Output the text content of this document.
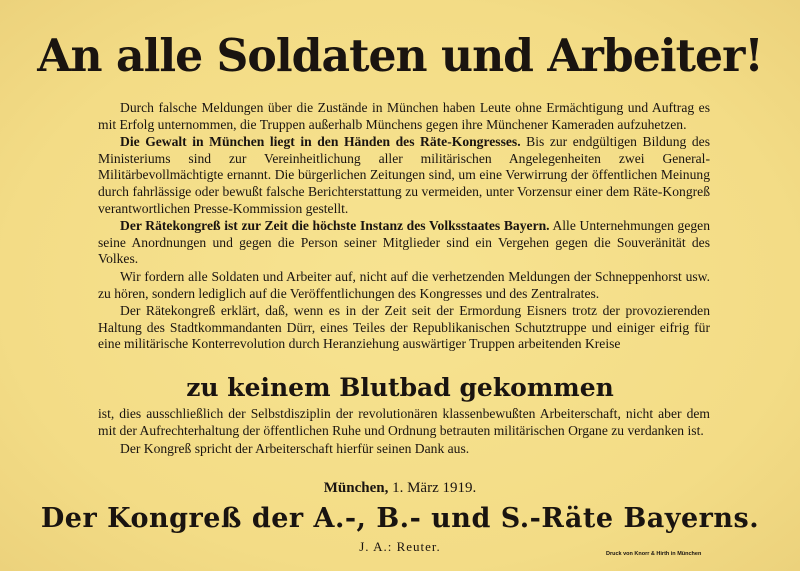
An alle Soldaten und Arbeiter!

Durch falsche Meldungen über die Zustände in München haben Leute ohne Ermächtigung und Auftrag es mit Erfolg unternommen, die Truppen außerhalb Münchens gegen ihre Münchener Kameraden aufzuhetzen.

Die Gewalt in München liegt in den Händen des Räte-Kongresses. Bis zur endgültigen Bildung des Ministeriums sind zur Vereinheitlichung aller militärischen Angelegenheiten zwei General-Militärbevollmächtigte ernannt. Die bürgerlichen Zeitungen sind, um eine Verwirrung der öffentlichen Meinung durch fahrlässige oder bewußt falsche Berichterstattung zu vermeiden, unter Vorzensur einer dem Räte-Kongreß verantwortlichen Presse-Kommission gestellt.

Der Rätekongreß ist zur Zeit die höchste Instanz des Volksstaates Bayern. Alle Unternehmungen gegen seine Anordnungen und gegen die Person seiner Mitglieder sind ein Vergehen gegen die Souveränität des Volkes.

Wir fordern alle Soldaten und Arbeiter auf, nicht auf die verhetzenden Meldungen der Schneppenhorst usw. zu hören, sondern lediglich auf die Veröffentlichungen des Kongresses und des Zentralrates.

Der Rätekongreß erklärt, daß, wenn es in der Zeit seit der Ermordung Eisners trotz der provozierenden Haltung des Stadtkommandanten Dürr, eines Teiles der Republikanischen Schutztruppe und einiger eifrig für eine militärische Konterrevolution durch Heranziehung auswärtiger Truppen arbeitenden Kreise

zu keinem Blutbad gekommen

ist, dies ausschließlich der Selbstdisziplin der revolutionären klassenbewußten Arbeiterschaft, nicht aber dem mit der Aufrechterhaltung der öffentlichen Ruhe und Ordnung betrauten militärischen Organe zu verdanken ist.

Der Kongreß spricht der Arbeiterschaft hierfür seinen Dank aus.

München, 1. März 1919.
Der Kongreß der A.-, B.- und S.-Räte Bayerns.
J. A.: Reuter.	Druck von Knorr & Hirth in München
